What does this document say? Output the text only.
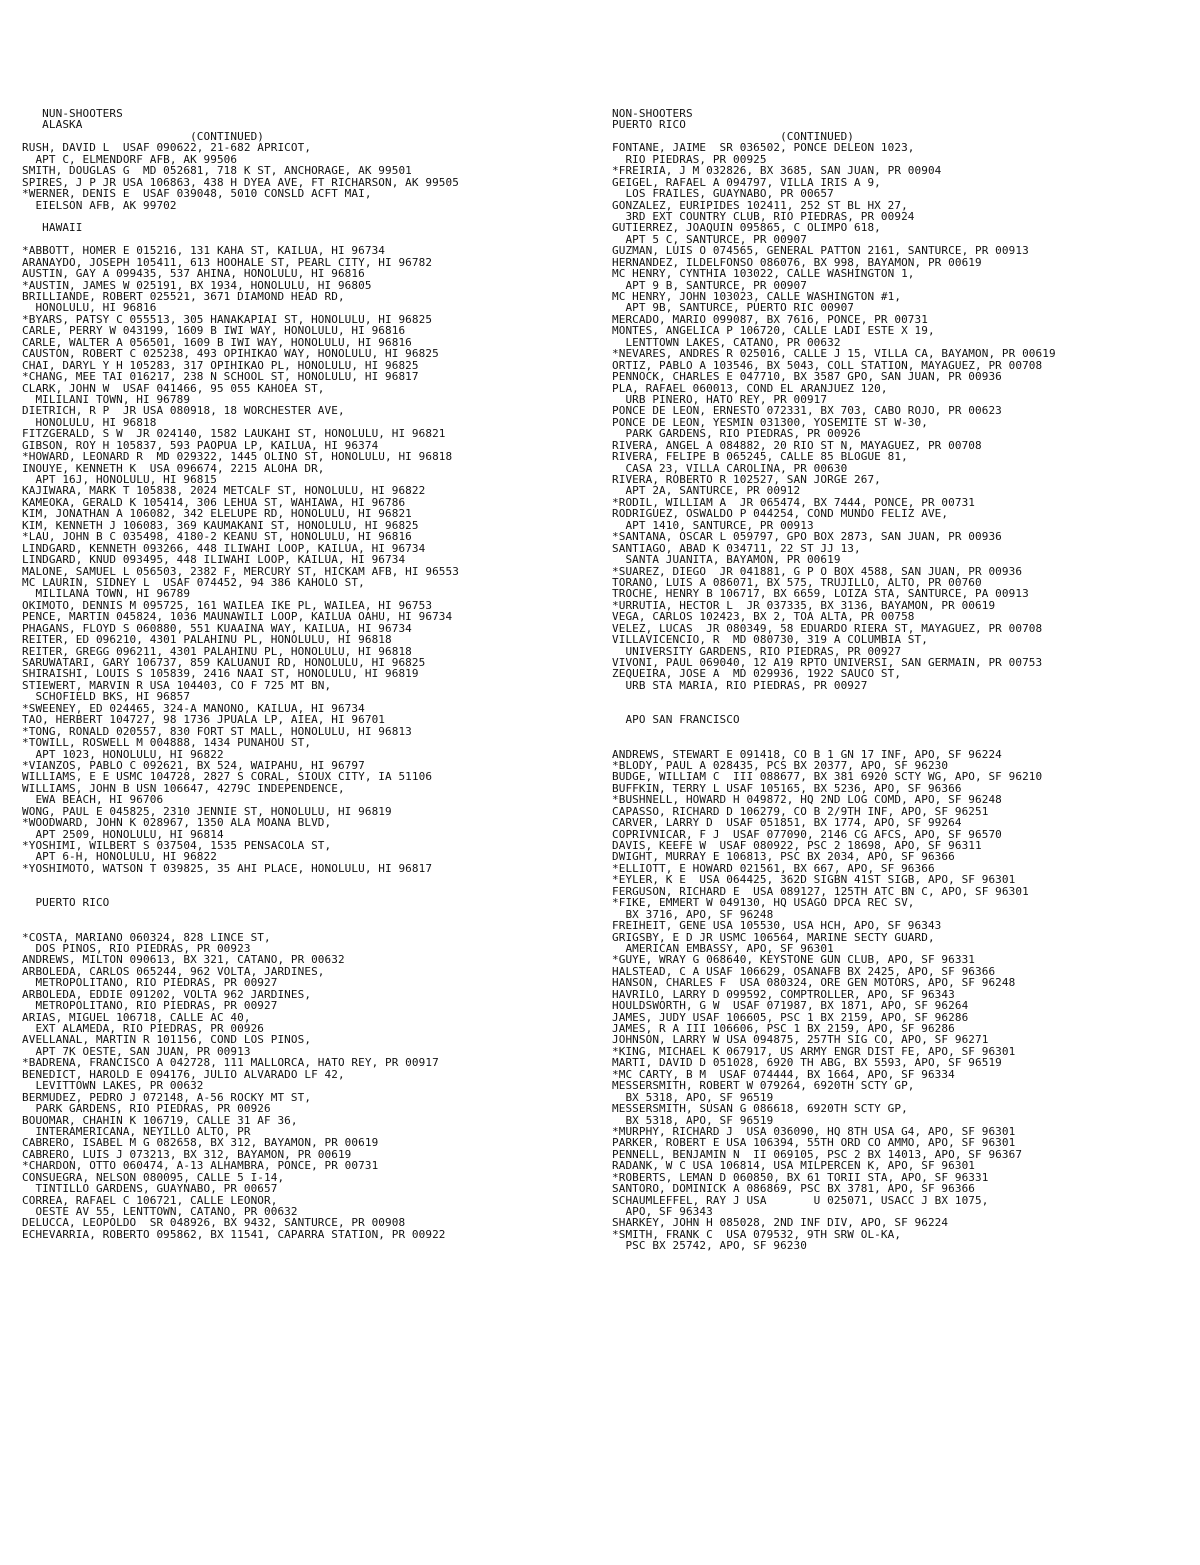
NUN-SHOOTERS
ALASKA
(CONTINUED)
RUSH, DAVID L  USAF 090622, 21-682 APRICOT,
APT C, ELMENDORF AFB, AK 99506
SMITH, DOUGLAS G  MD 052681, 718 K ST, ANCHORAGE, AK 99501
SPIRES, J P JR USA 106863, 438 H DYEA AVE, FT RICHARSON, AK 99505
*WERNER, DENIS E  USAF 039048, 5010 CONSLD ACFT MAI,
EIELSON AFB, AK 99702
HAWAII
*ABBOTT, HOMER E 015216, 131 KAHA ST, KAILUA, HI 96734
ARANAYDO, JOSEPH 105411, 613 HOOHALE ST, PEARL CITY, HI 96782
AUSTIN, GAY A 099435, 537 AHINA, HONOLULU, HI 96816
*AUSTIN, JAMES W 025191, BX 1934, HONOLULU, HI 96805
BRILLIANDE, ROBERT 025521, 3671 DIAMOND HEAD RD,
HONOLULU, HI 96816
*BYARS, PATSY C 055513, 305 HANAKAPIAI ST, HONOLULU, HI 96825
CARLE, PERRY W 043199, 1609 B IWI WAY, HONOLULU, HI 96816
CARLE, WALTER A 056501, 1609 B IWI WAY, HONOLULU, HI 96816
CAUSTON, ROBERT C 025238, 493 OPIHIKAO WAY, HONOLULU, HI 96825
CHAI, DARYL Y H 105283, 317 OPIHIKAO PL, HONOLULU, HI 96825
*CHANG, MEE TAI 016217, 238 N SCHOOL ST, HONOLULU, HI 96817
CLARK, JOHN W  USAF 041466, 95 055 KAHOEA ST,
MILILANI TOWN, HI 96789
DIETRICH, R P  JR USA 080918, 18 WORCHESTER AVE,
HONOLULU, HI 96818
FITZGERALD, S W  JR 024140, 1582 LAUKAHI ST, HONOLULU, HI 96821
GIBSON, ROY H 105837, 593 PAOPUA LP, KAILUA, HI 96374
*HOWARD, LEONARD R  MD 029322, 1445 OLINO ST, HONOLULU, HI 96818
INOUYE, KENNETH K  USA 096674, 2215 ALOHA DR,
APT 16J, HONOLULU, HI 96815
KAJIWARA, MARK T 105838, 2024 METCALF ST, HONOLULU, HI 96822
KAMEOKA, GERALD K 105414, 306 LEHUA ST, WAHIAWA, HI 96786
KIM, JONATHAN A 106082, 342 ELELUPE RD, HONOLULU, HI 96821
KIM, KENNETH J 106083, 369 KAUMAKANI ST, HONOLULU, HI 96825
*LAU, JOHN B C 035498, 4180-2 KEANU ST, HONOLULU, HI 96816
LINDGARD, KENNETH 093266, 448 ILIWAHI LOOP, KAILUA, HI 96734
LINDGARD, KNUD 093495, 448 ILIWAHI LOOP, KAILUA, HI 96734
MALONE, SAMUEL L 056503, 2382 F, MERCURY ST, HICKAM AFB, HI 96553
MC LAURIN, SIDNEY L  USAF 074452, 94 386 KAHOLO ST,
MILILANA TOWN, HI 96789
OKIMOTO, DENNIS M 095725, 161 WAILEA IKE PL, WAILEA, HI 96753
PENCE, MARTIN 045824, 1036 MAUNAWILI LOOP, KAILUA OAHU, HI 96734
PHAGANS, FLOYD S 060880, 551 KUAAINA WAY, KAILUA, HI 96734
REITER, ED 096210, 4301 PALAHINU PL, HONOLULU, HI 96818
REITER, GREGG 096211, 4301 PALAHINU PL, HONOLULU, HI 96818
SARUWATARI, GARY 106737, 859 KALUANUI RD, HONOLULU, HI 96825
SHIRAISHI, LOUIS S 105839, 2416 NAAI ST, HONOLULU, HI 96819
STIEWERT, MARVIN R USA 104403, CO F 725 MT BN,
SCHOFIELD BKS, HI 96857
*SWEENEY, ED 024465, 324-A MANONO, KAILUA, HI 96734
TAO, HERBERT 104727, 98 1736 JPUALA LP, AIEA, HI 96701
*TONG, RONALD 020557, 830 FORT ST MALL, HONOLULU, HI 96813
*TOWILL, ROSWELL M 004888, 1434 PUNAHOU ST,
APT 1023, HONOLULU, HI 96822
*VIANZOS, PABLO C 092621, BX 524, WAIPAHU, HI 96797
WILLIAMS, E E USMC 104728, 2827 S CORAL, SIOUX CITY, IA 51106
WILLIAMS, JOHN B USN 106647, 4279C INDEPENDENCE,
EWA BEACH, HI 96706
WONG, PAUL E 045825, 2310 JENNIE ST, HONOLULU, HI 96819
*WOODWARD, JOHN K 028967, 1350 ALA MOANA BLVD,
APT 2509, HONOLULU, HI 96814
*YOSHIMI, WILBERT S 037504, 1535 PENSACOLA ST,
APT 6-H, HONOLULU, HI 96822
*YOSHIMOTO, WATSON T 039825, 35 AHI PLACE, HONOLULU, HI 96817
PUERTO RICO
*COSTA, MARIANO 060324, 828 LINCE ST,
DOS PINOS, RIO PIEDRAS, PR 00923
ANDREWS, MILTON 090613, BX 321, CATANO, PR 00632
ARBOLEDA, CARLOS 065244, 962 VOLTA, JARDINES,
METROPOLITANO, RIO PIEDRAS, PR 00927
ARBOLEDA, EDDIE 091202, VOLTA 962 JARDINES,
METROPOLITANO, RIO PIEDRAS, PR 00927
ARIAS, MIGUEL 106718, CALLE AC 40,
EXT ALAMEDA, RIO PIEDRAS, PR 00926
AVELLANAL, MARTIN R 101156, COND LOS PINOS,
APT 7K OESTE, SAN JUAN, PR 00913
*BADRENA, FRANCISCO A 042728, 111 MALLORCA, HATO REY, PR 00917
BENEDICT, HAROLD E 094176, JULIO ALVARADO LF 42,
LEVITTOWN LAKES, PR 00632
BERMUDEZ, PEDRO J 072148, A-56 ROCKY MT ST,
PARK GARDENS, RIO PIEDRAS, PR 00926
BOUOMAR, CHAHIN K 106719, CALLE 31 AF 36,
INTERAMERICANA, NEYILLO ALTO, PR
CABRERO, ISABEL M G 082658, BX 312, BAYAMON, PR 00619
CABRERO, LUIS J 073213, BX 312, BAYAMON, PR 00619
*CHARDON, OTTO 060474, A-13 ALHAMBRA, PONCE, PR 00731
CONSUEGRA, NELSON 080095, CALLE 5 I-14,
TINTILLO GARDENS, GUAYNABO, PR 00657
CORREA, RAFAEL C 106721, CALLE LEONOR,
OESTE AV 55, LENTTOWN, CATANO, PR 00632
DELUCCA, LEOPOLDO  SR 048926, BX 9432, SANTURCE, PR 00908
ECHEVARRIA, ROBERTO 095862, BX 11541, CAPARRA STATION, PR 00922
NON-SHOOTERS
PUERTO RICO
(CONTINUED)
FONTANE, JAIME  SR 036502, PONCE DELEON 1023,
RIO PIEDRAS, PR 00925
*FREIRIA, J M 032826, BX 3685, SAN JUAN, PR 00904
GEIGEL, RAFAEL A 094797, VILLA IRIS A 9,
LOS FRAILES, GUAYNABO, PR 00657
GONZALEZ, EURIPIDES 102411, 252 ST BL HX 27,
3RD EXT COUNTRY CLUB, RIO PIEDRAS, PR 00924
GUTIERREZ, JOAQUIN 095865, C OLIMPO 618,
APT 5 C, SANTURCE, PR 00907
GUZMAN, LUIS O 074565, GENERAL PATTON 2161, SANTURCE, PR 00913
HERNANDEZ, ILDELFONSO 086076, BX 998, BAYAMON, PR 00619
MC HENRY, CYNTHIA 103022, CALLE WASHINGTON 1,
APT 9 B, SANTURCE, PR 00907
MC HENRY, JOHN 103023, CALLE WASHINGTON #1,
APT 9B, SANTURCE, PUERTO RIC 00907
MERCADO, MARIO 099087, BX 7616, PONCE, PR 00731
MONTES, ANGELICA P 106720, CALLE LADI ESTE X 19,
LENTTOWN LAKES, CATANO, PR 00632
*NEVARES, ANDRES R 025016, CALLE J 15, VILLA CA, BAYAMON, PR 00619
ORTIZ, PABLO A 103546, BX 5043, COLL STATION, MAYAGUEZ, PR 00708
PENNOCK, CHARLES E 047710, BX 3587 GPO, SAN JUAN, PR 00936
PLA, RAFAEL 060013, COND EL ARANJUEZ 120,
URB PINERO, HATO REY, PR 00917
PONCE DE LEON, ERNESTO 072331, BX 703, CABO ROJO, PR 00623
PONCE DE LEON, YESMIN 031300, YOSEMITE ST W-30,
PARK GARDENS, RIO PIEDRAS, PR 00926
RIVERA, ANGEL A 084882, 20 RIO ST N, MAYAGUEZ, PR 00708
RIVERA, FELIPE B 065245, CALLE 85 BLOGUE 81,
CASA 23, VILLA CAROLINA, PR 00630
RIVERA, ROBERTO R 102527, SAN JORGE 267,
APT 2A, SANTURCE, PR 00912
*RODIL, WILLIAM A  JR 065474, BX 7444, PONCE, PR 00731
RODRIGUEZ, OSWALDO P 044254, COND MUNDO FELIZ AVE,
APT 1410, SANTURCE, PR 00913
*SANTANA, OSCAR L 059797, GPO BOX 2873, SAN JUAN, PR 00936
SANTIAGO, ABAD K 034711, 22 ST JJ 13,
SANTA JUANITA, BAYAMON, PR 00619
*SUAREZ, DIEGO  JR 041881, G P O BOX 4588, SAN JUAN, PR 00936
TORANO, LUIS A 086071, BX 575, TRUJILLO, ALTO, PR 00760
TROCHE, HENRY B 106717, BX 6659, LOIZA STA, SANTURCE, PA 00913
*URRUTIA, HECTOR L  JR 037335, BX 3136, BAYAMON, PR 00619
VEGA, CARLOS 102423, BX 2, TOA ALTA, PR 00758
VELEZ, LUCAS  JR 080349, 58 EDUARDO RIERA ST, MAYAGUEZ, PR 00708
VILLAVICENCIO, R  MD 080730, 319 A COLUMBIA ST,
UNIVERSITY GARDENS, RIO PIEDRAS, PR 00927
VIVONI, PAUL 069040, 12 A19 RPTO UNIVERSI, SAN GERMAIN, PR 00753
ZEQUEIRA, JOSE A  MD 029936, 1922 SAUCO ST,
URB STA MARIA, RIO PIEDRAS, PR 00927
APO SAN FRANCISCO
ANDREWS, STEWART E 091418, CO B 1 GN 17 INF, APO, SF 96224
*BLODY, PAUL A 028435, PCS BX 20377, APO, SF 96230
BUDGE, WILLIAM C  III 088677, BX 381 6920 SCTY WG, APO, SF 96210
BUFFKIN, TERRY L USAF 105165, BX 5236, APO, SF 96366
*BUSHNELL, HOWARD H 049872, HQ 2ND LOG COMD, APO, SF 96248
CAPASSO, RICHARD D 106279, CO B 2/9TH INF, APO, SF 96251
CARVER, LARRY D  USAF 051851, BX 1774, APO, SF 99264
COPRIVNICAR, F J  USAF 077090, 2146 CG AFCS, APO, SF 96570
DAVIS, KEEFE W  USAF 080922, PSC 2 18698, APO, SF 96311
DWIGHT, MURRAY E 106813, PSC BX 2034, APO, SF 96366
*ELLIOTT, E HOWARD 021561, BX 667, APO, SF 96366
*EYLER, K E  USA 064425, 362D SIGBN 41ST SIGB, APO, SF 96301
FERGUSON, RICHARD E  USA 089127, 125TH ATC BN C, APO, SF 96301
*FIKE, EMMERT W 049130, HQ USAGO DPCA REC SV,
BX 3716, APO, SF 96248
FREIHEIT, GENE USA 105530, USA HCH, APO, SF 96343
GRIGSBY, E D JR USMC 106564, MARINE SECTY GUARD,
AMERICAN EMBASSY, APO, SF 96301
*GUYE, WRAY G 068640, KEYSTONE GUN CLUB, APO, SF 96331
HALSTEAD, C A USAF 106629, OSANAFB BX 2425, APO, SF 96366
HANSON, CHARLES F  USA 080324, ORE GEN MOTORS, APO, SF 96248
HAVRILO, LARRY D 099592, COMPTROLLER, APO, SF 96343
HOULDSWORTH, G W  USAF 071987, BX 1871, APO, SF 96264
JAMES, JUDY USAF 106605, PSC 1 BX 2159, APO, SF 96286
JAMES, R A III 106606, PSC 1 BX 2159, APO, SF 96286
JOHNSON, LARRY W USA 094875, 257TH SIG CO, APO, SF 96271
*KING, MICHAEL K 067917, US ARMY ENGR DIST FE, APO, SF 96301
MARTI, DAVID D 051028, 6920 TH ABG, BX 5593, APO, SF 96519
*MC CARTY, B M  USAF 074444, BX 1664, APO, SF 96334
MESSERSMITH, ROBERT W 079264, 6920TH SCTY GP,
BX 5318, APO, SF 96519
MESSERSMITH, SUSAN G 086618, 6920TH SCTY GP,
BX 5318, APO, SF 96519
*MURPHY, RICHARD J  USA 036090, HQ 8TH USA G4, APO, SF 96301
PARKER, ROBERT E USA 106394, 55TH ORD CO AMMO, APO, SF 96301
PENNELL, BENJAMIN N  II 069105, PSC 2 BX 14013, APO, SF 96367
RADANK, W C USA 106814, USA MILPERCEN K, APO, SF 96301
*ROBERTS, LEMAN D 060850, BX 61 TORII STA, APO, SF 96331
SANTORO, DOMINICK A 086869, PSC BX 3781, APO, SF 96366
SCHAUMLEFFEL, RAY J USA       U 025071, USACC J BX 1075,
APO, SF 96343
SHARKEY, JOHN H 085028, 2ND INF DIV, APO, SF 96224
*SMITH, FRANK C  USA 079532, 9TH SRW OL-KA,
PSC BX 25742, APO, SF 96230
